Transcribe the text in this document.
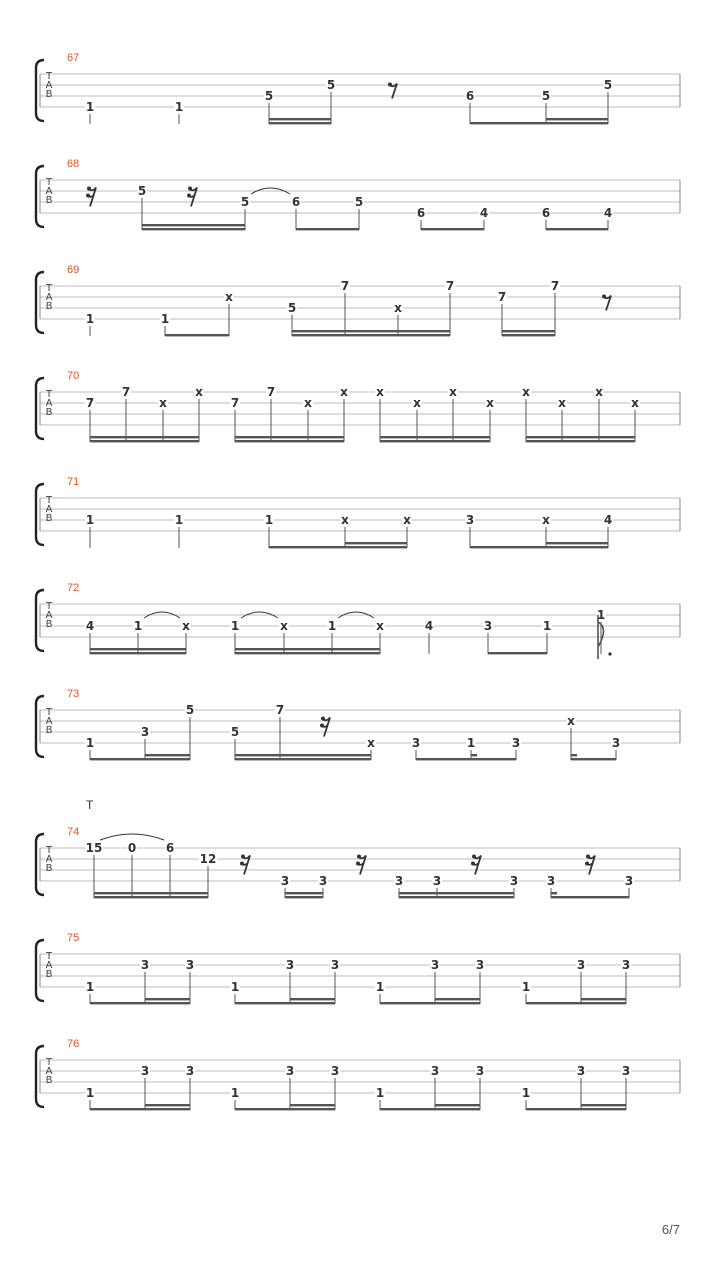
T
A
B
67
1	1
5
5
6	5
5
T
A
B
68
5
5	6	5
6	4	6	4
T
A
B
69
1	1
x
5
7
x
7
7
7
T
A
B
70
7
7
x
x
7
7
x
x x
x
x
x
x
x
x
x
T
A
B
71
1	1	1	x	x	3	x	4
T
A
B
72
4	1	x	1	x	1	x	4	3	1
1
T
A
B
73
1
3
5
5
7
x	3	1	3
x
3
T
A
B
74
T
15 0 6
12
3 3	3 3	3 3	3
T
A
B
75
1
3	3
1
3	3
1
3	3
1
3	3
T
A
B
76
1
3	3
1
3	3
1
3	3
1
3	3
6/7
